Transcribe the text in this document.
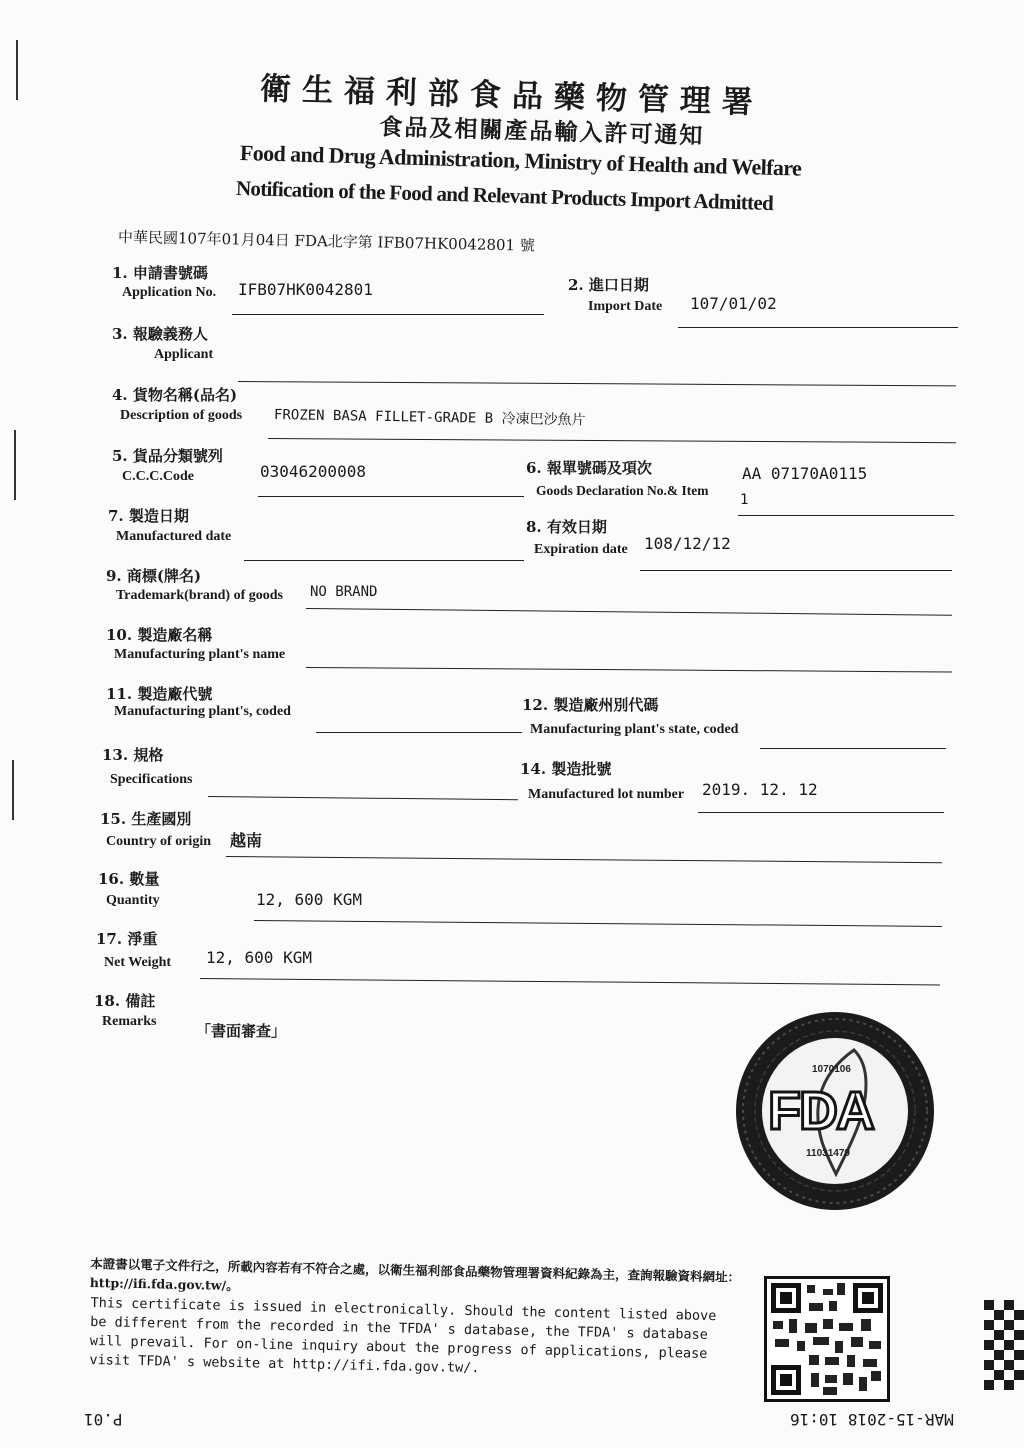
衛生福利部食品藥物管理署
食品及相關產品輸入許可通知
Food and Drug Administration, Ministry of Health and Welfare
Notification of the Food and Relevant Products Import Admitted
中華民國107年01月04日 FDA北字第 IFB07HK0042801 號
1. 申請書號碼
Application No. IFB07HK0042801	2. 進口日期
Import Date 107/01/02
3. 報驗義務人
Applicant
4. 貨物名稱(品名)
Description of goods FROZEN BASA FILLET-GRADE B 冷凍巴沙魚片
5. 貨品分類號列
C.C.C.Code	03046200008	6. 報單號碼及項次
Goods Declaration No.& Item
AA 07170A0115
1
7. 製造日期
Manufactured date
8. 有效日期
Expiration date 108/12/12
9. 商標(牌名)
Trademark(brand) of goods NO BRAND
10. 製造廠名稱
Manufacturing plant's name
11. 製造廠代號
Manufacturing plant's, coded	12. 製造廠州別代碼
Manufacturing plant's state, coded
13. 規格
Specifications
14. 製造批號
Manufactured lot number 2019. 12. 12
15. 生產國別
Country of origin 越南
16. 數量
Quantity	12, 600 KGM
17. 淨重
Net Weight 12, 600 KGM
18. 備註
Remarks
「書面審查」
1070106
FDA
11031479
本證書以電子文件行之，所載內容若有不符合之處，以衛生福利部食品藥物管理署資料紀錄為主，查詢報驗資料網址：http://ifi.fda.gov.tw/。
This certificate is issued in electronically. Should the content listed above be different from the recorded in the TFDA' s database, the TFDA' s database will prevail. For on-line inquiry about the progress of applications, please visit TFDA' s website at http://ifi.fda.gov.tw/.
P.01	MAR-15-2018 10:16
